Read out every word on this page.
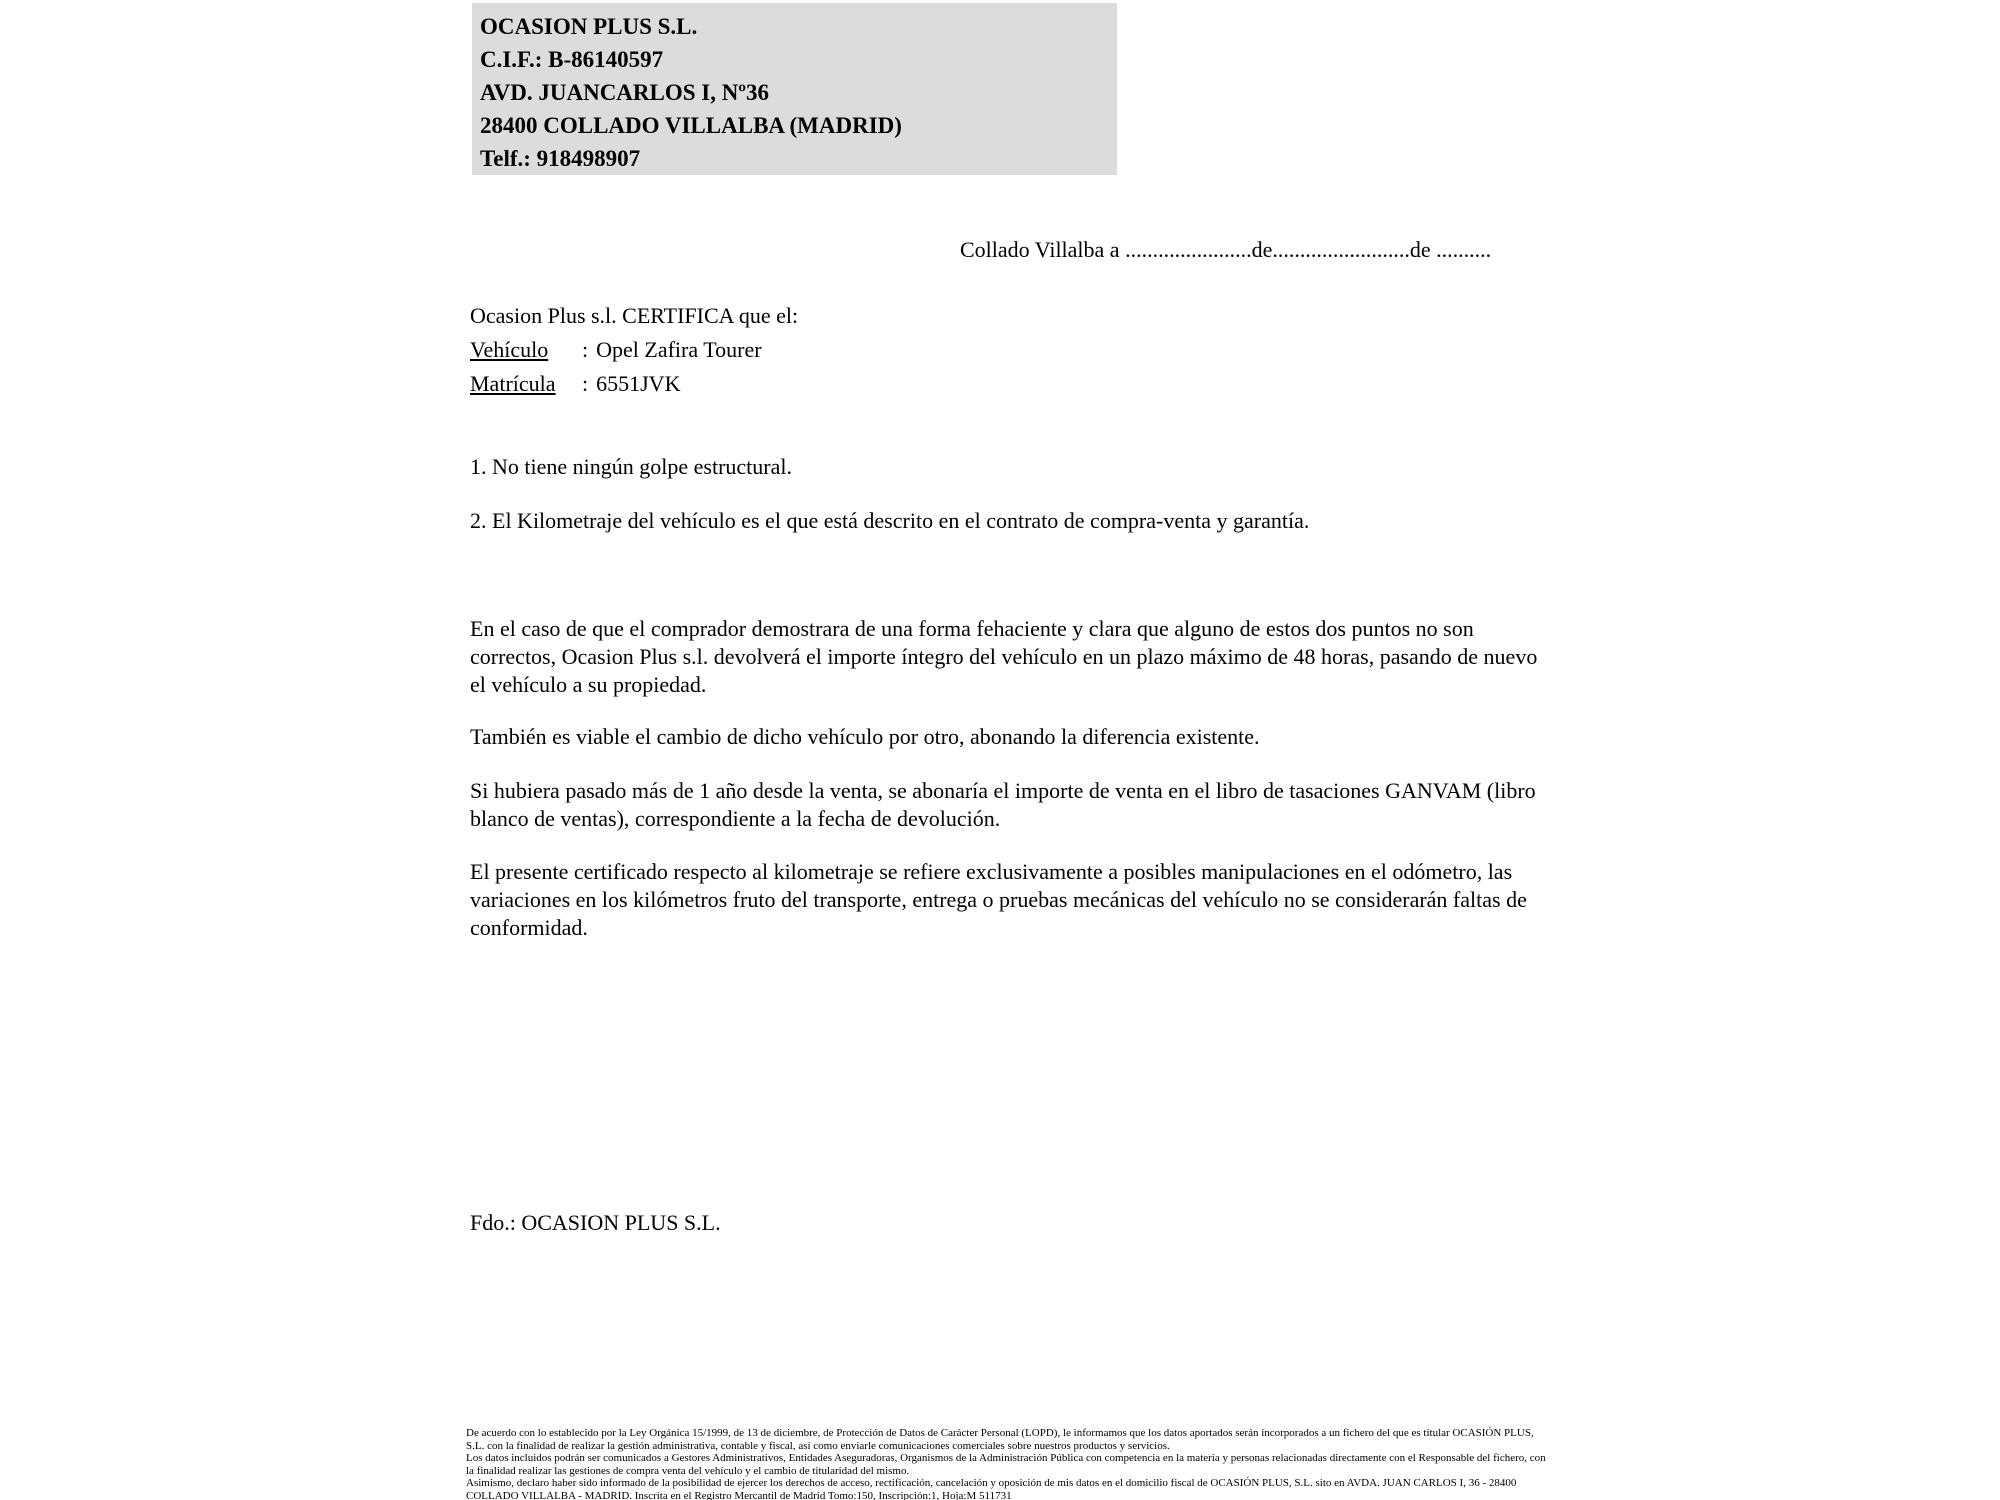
OCASION PLUS S.L.
C.I.F.: B-86140597
AVD. JUANCARLOS I, Nº36
28400 COLLADO VILLALBA (MADRID)
Telf.: 918498907
Collado Villalba a .......................de.........................de ..........
Ocasion Plus s.l. CERTIFICA que el:
Vehículo : Opel Zafira Tourer
Matrícula : 6551JVK
1. No tiene ningún golpe estructural.
2. El Kilometraje del vehículo es el que está descrito en el contrato de compra-venta y garantía.
En el caso de que el comprador demostrara de una forma fehaciente y clara que alguno de estos dos puntos no son correctos, Ocasion Plus s.l. devolverá el importe íntegro del vehículo en un plazo máximo de 48 horas, pasando de nuevo el vehículo a su propiedad.
También es viable el cambio de dicho vehículo por otro, abonando la diferencia existente.
Si hubiera pasado más de 1 año desde la venta, se abonaría el importe de venta en el libro de tasaciones GANVAM (libro blanco de ventas), correspondiente a la fecha de devolución.
El presente certificado respecto al kilometraje se refiere exclusivamente a posibles manipulaciones en el odómetro, las variaciones en los kilómetros fruto del transporte, entrega o pruebas mecánicas del vehículo no se considerarán faltas de conformidad.
Fdo.: OCASION PLUS S.L.

De acuerdo con lo establecido por la Ley Orgánica 15/1999, de 13 de diciembre, de Protección de Datos de Carácter Personal (LOPD), le informamos que los datos aportados serán incorporados a un fichero del que es titular OCASIÓN PLUS, S.L. con la finalidad de realizar la gestión administrativa, contable y fiscal, así como enviarle comunicaciones comerciales sobre nuestros productos y servicios.

Los datos incluidos podrán ser comunicados a Gestores Administrativos, Entidades Aseguradoras, Organismos de la Administración Pública con competencia en la materia y personas relacionadas directamente con el Responsable del fichero, con la finalidad realizar las gestiones de compra venta del vehículo y el cambio de titularidad del mismo.

Asimismo, declaro haber sido informado de la posibilidad de ejercer los derechos de acceso, rectificación, cancelación y oposición de mis datos en el domicilio fiscal de OCASIÓN PLUS, S.L. sito en AVDA. JUAN CARLOS I, 36 - 28400 COLLADO VILLALBA - MADRID. Inscrita en el Registro Mercantil de Madrid Tomo:150, Inscripción:1, Hoja:M 511731
